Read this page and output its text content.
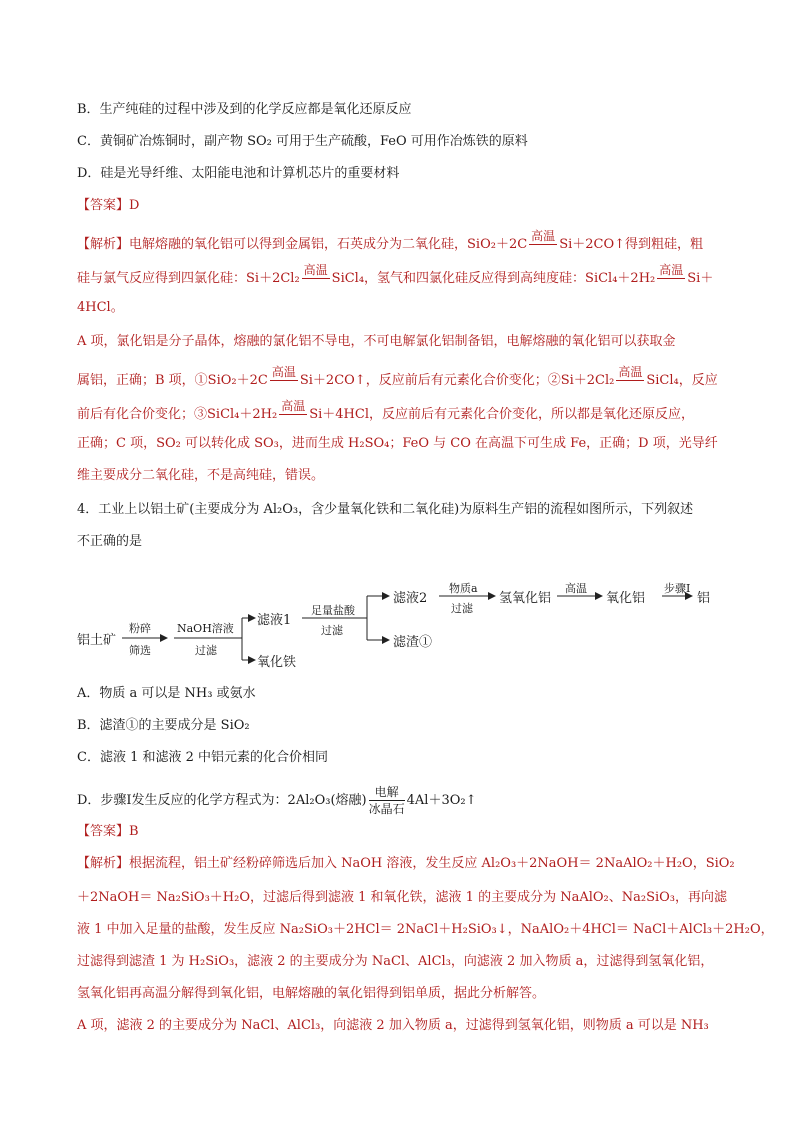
B．生产纯硅的过程中涉及到的化学反应都是氧化还原反应
C．黄铜矿冶炼铜时，副产物 SO₂ 可用于生产硫酸，FeO 可用作冶炼铁的原料
D．硅是光导纤维、太阳能电池和计算机芯片的重要材料
【答案】D
【解析】电解熔融的氧化铝可以得到金属铝，石英成分为二氧化硅，SiO₂＋2C
高温

Si＋2CO↑得到粗硅，粗
硅与氯气反应得到四氯化硅：Si＋2Cl₂
高温

SiCl₄，氢气和四氯化硅反应得到高纯度硅：SiCl₄＋2H₂
高温

Si＋
4HCl。
A 项，氯化铝是分子晶体，熔融的氯化铝不导电，不可电解氯化铝制备铝，电解熔融的氧化铝可以获取金
属铝，正确；B 项，①SiO₂＋2C
高温

Si＋2CO↑，反应前后有元素化合价变化；②Si＋2Cl₂
高温

SiCl₄，反应
前后有化合价变化；③SiCl₄＋2H₂
高温

Si＋4HCl，反应前后有元素化合价变化，所以都是氧化还原反应，
正确；C 项，SO₂ 可以转化成 SO₃，进而生成 H₂SO₄；FeO 与 CO 在高温下可生成 Fe，正确；D 项，光导纤
维主要成分二氧化硅，不是高纯硅，错误。
4．工业上以铝土矿(主要成分为 Al₂O₃，含少量氧化铁和二氧化硅)为原料生产铝的流程如图所示，下列叙述
不正确的是
铝土矿
粉碎
筛选
NaOH溶液
过滤
滤液1
氧化铁
足量盐酸
过滤
滤液2
滤渣①
物质a
过滤
氢氧化铝
高温
氧化铝
步骤Ⅰ
铝
A．物质 a 可以是 NH₃ 或氨水
B．滤渣①的主要成分是 SiO₂
C．滤液 1 和滤液 2 中铝元素的化合价相同
D．步骤Ⅰ发生反应的化学方程式为：2Al₂O₃(熔融)
电解
冰晶石
4Al＋3O₂↑
【答案】B
【解析】根据流程，铝土矿经粉碎筛选后加入 NaOH 溶液，发生反应 Al₂O₃＋2NaOH＝ 2NaAlO₂＋H₂O，SiO₂
＋2NaOH＝ Na₂SiO₃＋H₂O，过滤后得到滤液 1 和氧化铁，滤液 1 的主要成分为 NaAlO₂、Na₂SiO₃，再向滤
液 1 中加入足量的盐酸，发生反应 Na₂SiO₃＋2HCl＝ 2NaCl＋H₂SiO₃↓，NaAlO₂＋4HCl＝ NaCl＋AlCl₃＋2H₂O，
过滤得到滤渣 1 为 H₂SiO₃，滤液 2 的主要成分为 NaCl、AlCl₃，向滤液 2 加入物质 a，过滤得到氢氧化铝，
氢氧化铝再高温分解得到氧化铝，电解熔融的氧化铝得到铝单质，据此分析解答。
A 项，滤液 2 的主要成分为 NaCl、AlCl₃，向滤液 2 加入物质 a，过滤得到氢氧化铝，则物质 a 可以是 NH₃
